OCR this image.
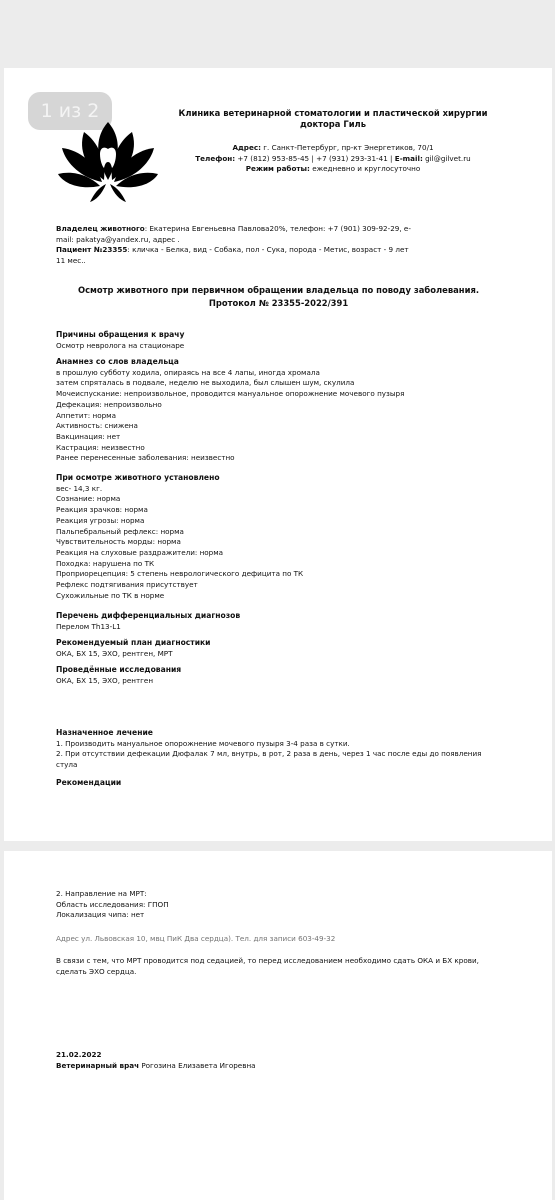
1 из 2	Клиника ветеринарной стоматологии и пластической хирургии
доктора Гиль
Адрес: г. Санкт-Петербург, пр-кт Энергетиков, 70/1
Телефон: +7 (812) 953-85-45 | +7 (931) 293-31-41 | E-mail: gil@gilvet.ru
Режим работы: ежедневно и круглосуточно
Владелец животного: Екатерина Евгеньевна Павлова20%, телефон: +7 (901) 309-92-29, e-
mail: pakatya@yandex.ru, адрес .
Пациент №23355: кличка - Белка, вид - Собака, пол - Сука, порода - Метис, возраст - 9 лет 11 мес..
Осмотр животного при первичном обращении владельца по поводу заболевания.
Протокол № 23355-2022/391
Причины обращения к врачу
Осмотр невролога на стационаре
Анамнез со слов владельца
в прошлую субботу ходила, опираясь на все 4 лапы, иногда хромала
затем спряталась в подвале, неделю не выходила, был слышен шум, скулила
Мочеиспускание: непроизвольное, проводится мануальное опорожнение мочевого пузыря
Дефекация: непроизвольно
Аппетит: норма
Активность: снижена
Вакцинация: нет
Кастрация: неизвестно
Ранее перенесенные заболевания: неизвестно
При осмотре животного установлено
вес- 14,3 кг.
Сознание: норма
Реакция зрачков: норма
Реакция угрозы: норма
Пальпебральный рефлекс: норма
Чувствительность морды: норма
Реакция на слуховые раздражители: норма
Походка: нарушена по ТК
Проприорецепция: 5 степень неврологического дефицита по ТК
Рефлекс подтягивания присутствует
Сухожильные по ТК в норме
Перечень дифференциальных диагнозов
Перелом Th13-L1
Рекомендуемый план диагностики
ОКА, БХ 15, ЭХО, рентген, МРТ
Проведённые исследования
ОКА, БХ 15, ЭХО, рентген
Назначенное лечение
1. Производить мануальное опорожнение мочевого пузыря 3-4 раза в сутки.
2. При отсутствии дефекации Дюфалак 7 мл, внутрь, в рот, 2 раза в день, через 1 час после еды до появления
стула
Рекомендации
2. Направление на МРТ:
Область исследования: ГПОП
Локализация чипа: нет
Адрес ул. Львовская 10, мвц ПиК Два сердца). Тел. для записи 603-49-32
В связи с тем, что МРТ проводится под седацией, то перед исследованием необходимо сдать ОКА и БХ крови,
сделать ЭХО сердца.
21.02.2022
Ветеринарный врач Рогозина Елизавета Игоревна
